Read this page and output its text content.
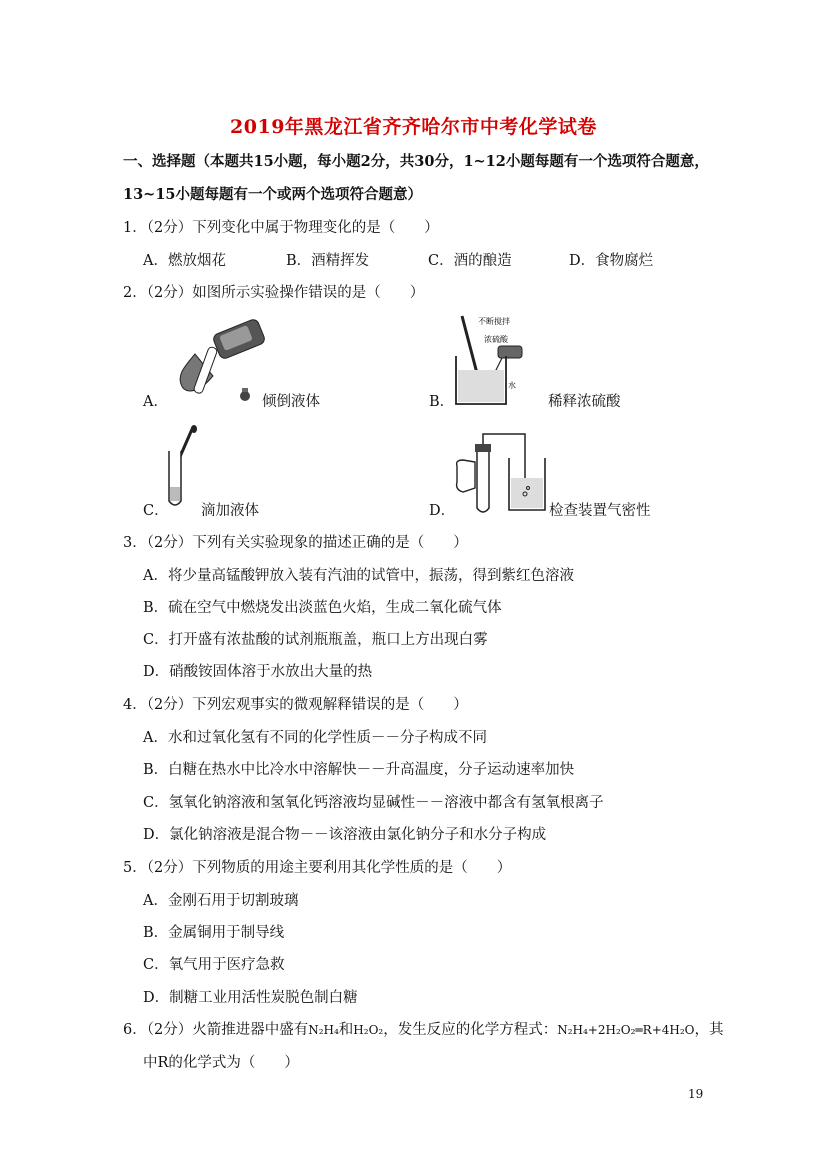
2019年黑龙江省齐齐哈尔市中考化学试卷
一、选择题（本题共15小题，每小题2分，共30分，1~12小题每题有一个选项符合题意，
13~15小题每题有一个或两个选项符合题意）
1．（2分）下列变化中属于物理变化的是（　　）
A．燃放烟花	B．酒精挥发	C．酒的酿造	D．食物腐烂
2．（2分）如图所示实验操作错误的是（　　）
A．	倾倒液体
不断搅拌
浓硫酸
水
B．	稀释浓硫酸
C． 滴加液体	D．	检查装置气密性
3．（2分）下列有关实验现象的描述正确的是（　　）
A．将少量高锰酸钾放入装有汽油的试管中，振荡，得到紫红色溶液
B．硫在空气中燃烧发出淡蓝色火焰，生成二氧化硫气体
C．打开盛有浓盐酸的试剂瓶瓶盖，瓶口上方出现白雾
D．硝酸铵固体溶于水放出大量的热
4．（2分）下列宏观事实的微观解释错误的是（　　）
A．水和过氧化氢有不同的化学性质－－分子构成不同
B．白糖在热水中比冷水中溶解快－－升高温度，分子运动速率加快
C．氢氧化钠溶液和氢氧化钙溶液均显碱性－－溶液中都含有氢氧根离子
D．氯化钠溶液是混合物－－该溶液由氯化钠分子和水分子构成
5．（2分）下列物质的用途主要利用其化学性质的是（　　）
A．金刚石用于切割玻璃
B．金属铜用于制导线
C．氧气用于医疗急救
D．制糖工业用活性炭脱色制白糖
6．（2分）火箭推进器中盛有N₂H₄和H₂O₂，发生反应的化学方程式：N₂H₄+2H₂O₂═R+4H₂O，其
中R的化学式为（　　）
19
